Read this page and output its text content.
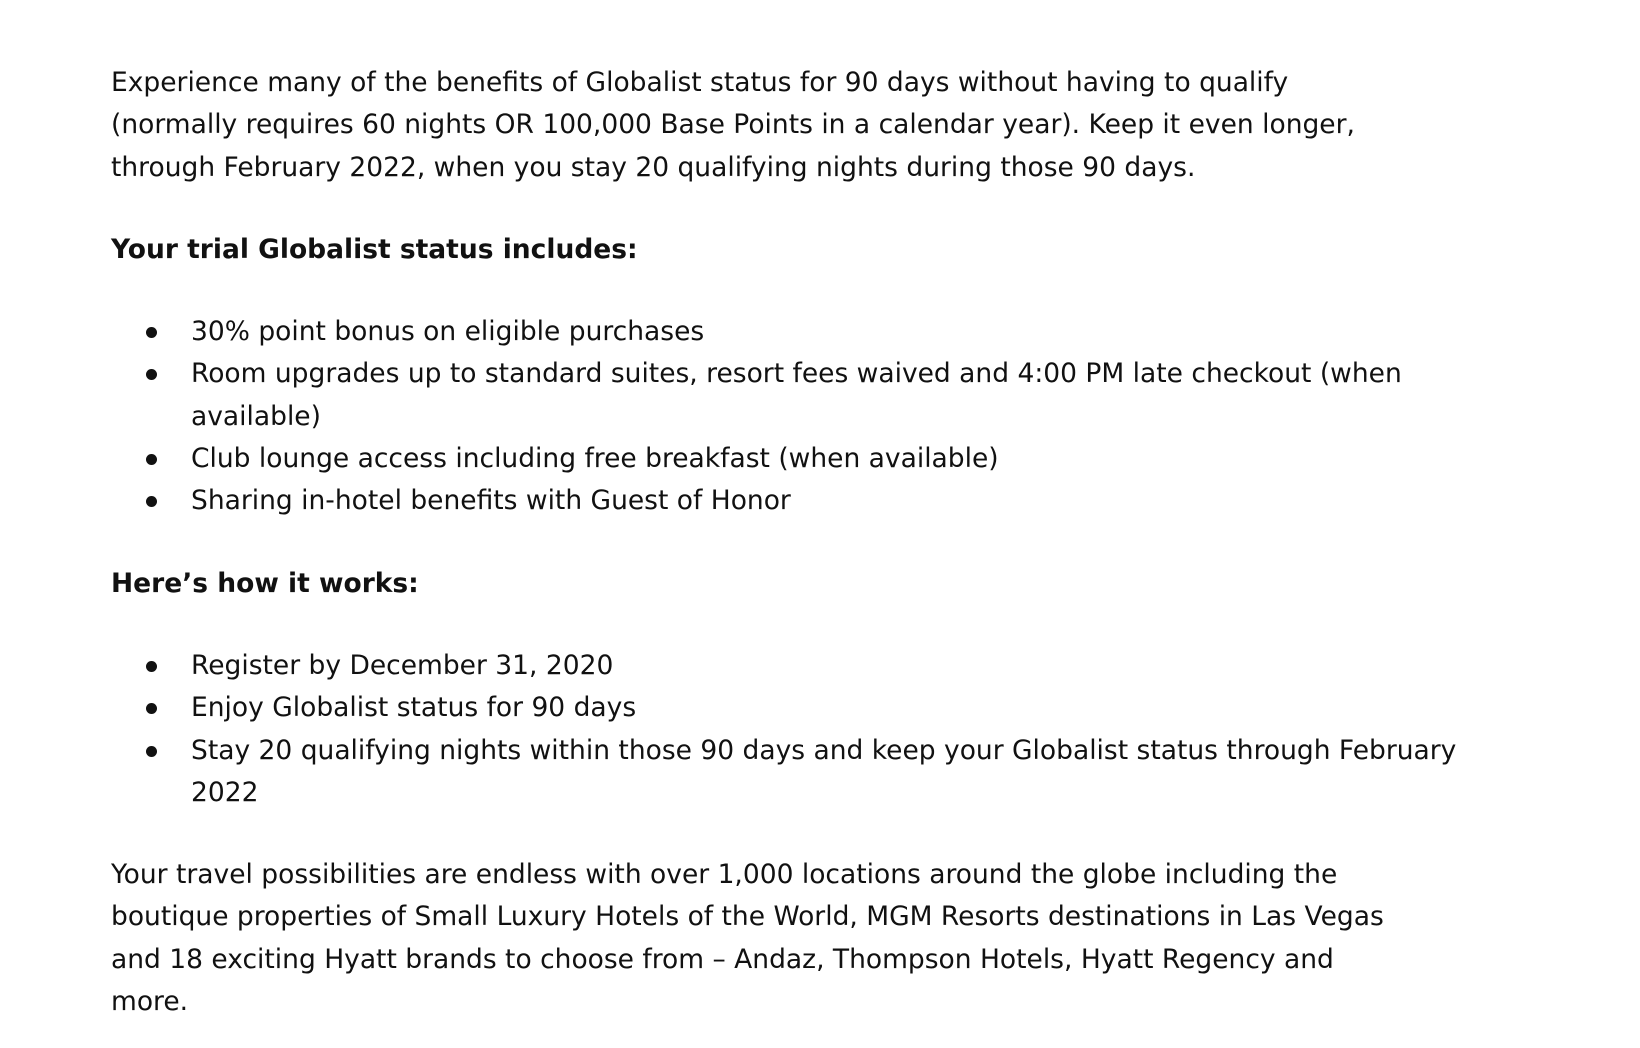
Experience many of the benefits of Globalist status for 90 days without having to qualify (normally requires 60 nights OR 100,000 Base Points in a calendar year). Keep it even longer, through February 2022, when you stay 20 qualifying nights during those 90 days.

Your trial Globalist status includes:

30% point bonus on eligible purchases
Room upgrades up to standard suites, resort fees waived and 4:00 PM late checkout (when available)
Club lounge access including free breakfast (when available)
Sharing in-hotel benefits with Guest of Honor

Here’s how it works:

Register by December 31, 2020
Enjoy Globalist status for 90 days
Stay 20 qualifying nights within those 90 days and keep your Globalist status through February 2022

Your travel possibilities are endless with over 1,000 locations around the globe including the boutique properties of Small Luxury Hotels of the World, MGM Resorts destinations in Las Vegas and 18 exciting Hyatt brands to choose from – Andaz, Thompson Hotels, Hyatt Regency and more.
